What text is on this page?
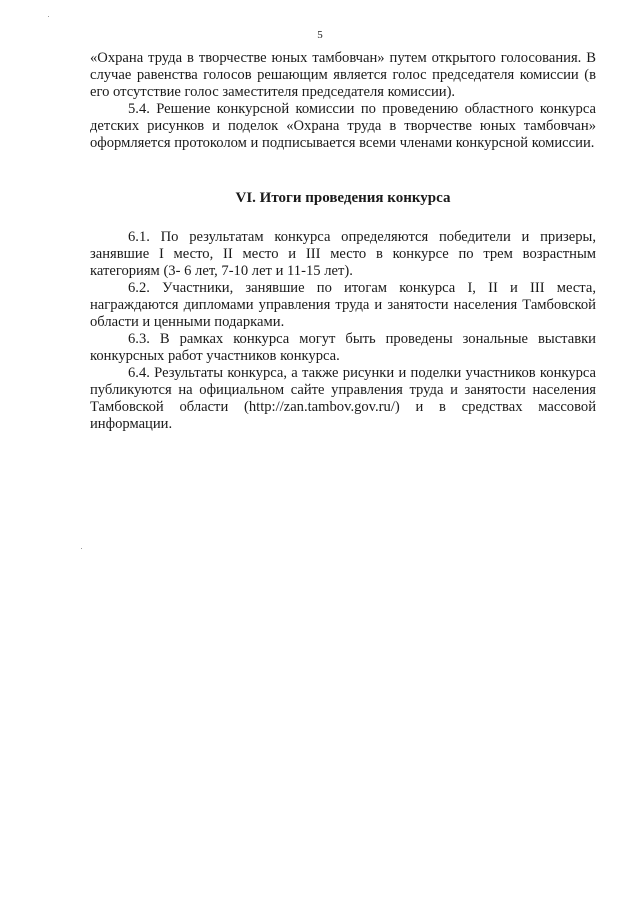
5

«Охрана труда в творчестве юных тамбовчан» путем открытого голосования. В случае равенства голосов решающим является голос председателя комиссии (в его отсутствие голос заместителя председателя комиссии).

5.4. Решение конкурсной комиссии по проведению областного конкурса детских рисунков и поделок «Охрана труда в творчестве юных тамбовчан» оформляется протоколом и подписывается всеми членами конкурсной комиссии.

VI. Итоги проведения конкурса

6.1. По результатам конкурса определяются победители и призеры, занявшие I место, II место и III место в конкурсе по трем возрастным категориям (3- 6 лет, 7-10 лет и 11-15 лет).

6.2. Участники, занявшие по итогам конкурса I, II и III места, награждаются дипломами управления труда и занятости населения Тамбовской области и ценными подарками.

6.3. В рамках конкурса могут быть проведены зональные выставки конкурсных работ участников конкурса.

6.4. Результаты конкурса, а также рисунки и поделки участников конкурса публикуются на официальном сайте управления труда и занятости населения Тамбовской области (http://zan.tambov.gov.ru/) и в средствах массовой информации.
